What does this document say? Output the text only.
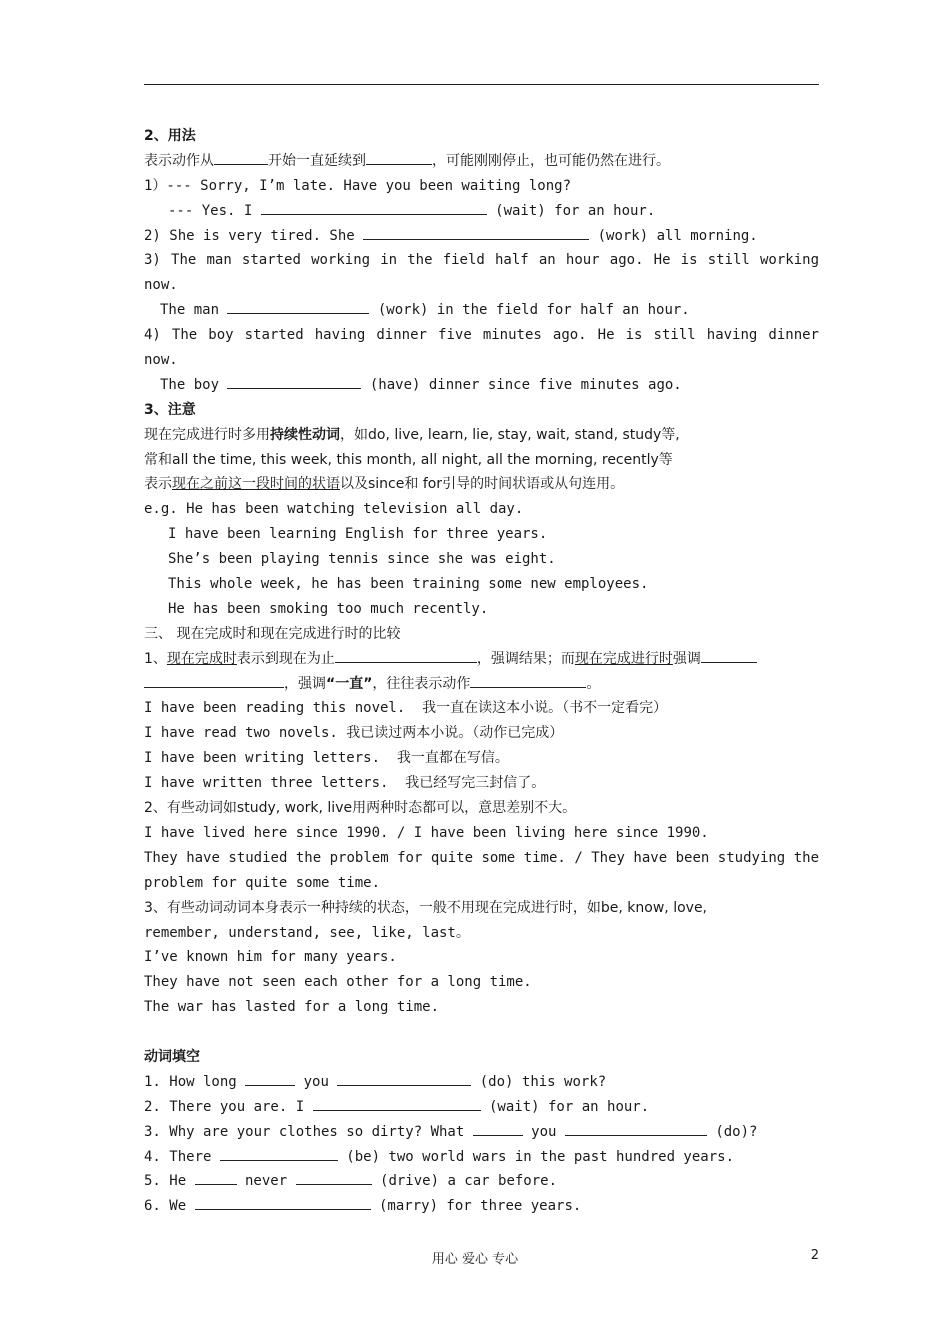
2、用法
表示动作从	开始一直延续到	，可能刚刚停止，也可能仍然在进行。
1）--- Sorry, I’m late. Have you been waiting long?
--- Yes. I	(wait) for an hour.
2) She is very tired. She	(work) all morning.
3) The man started working in the field half an hour ago. He is still working
now.
The man	(work) in the field for half an hour.
4) The boy started having dinner five minutes ago. He is still having dinner
now.
The boy	(have) dinner since five minutes ago.
3、注意
现在完成进行时多用持续性动词，如do, live, learn, lie, stay, wait, stand, study等,
常和all the time, this week, this month, all night, all the morning, recently等
表示现在之前这一段时间的状语以及since和 for引导的时间状语或从句连用。
e.g. He has been watching television all day.
I have been learning English for three years.
She’s been playing tennis since she was eight.
This whole week, he has been training some new employees.
He has been smoking too much recently.
三、 现在完成时和现在完成进行时的比较
1、现在完成时表示到现在为止	，强调结果；而现在完成进行时强调
，强调“一直”，往往表示动作	。
I have been reading this novel.  我一直在读这本小说。（书不一定看完）
I have read two novels. 我已读过两本小说。（动作已完成）
I have been writing letters.  我一直都在写信。
I have written three letters.  我已经写完三封信了。
2、有些动词如study, work, live用两种时态都可以，意思差别不大。
I have lived here since 1990. / I have been living here since 1990.
They have studied the problem for quite some time. / They have been studying the
problem for quite some time.
3、有些动词动词本身表示一种持续的状态，一般不用现在完成进行时，如be, know, love,
remember, understand, see, like, last。
I’ve known him for many years.
They have not seen each other for a long time.
The war has lasted for a long time.
动词填空
1. How long	you	(do) this work?
2. There you are. I	(wait) for an hour.
3. Why are your clothes so dirty? What	you	(do)?
4. There	(be) two world wars in the past hundred years.
5. He	never	(drive) a car before.
6. We	(marry) for three years.
用心 爱心 专心	2
